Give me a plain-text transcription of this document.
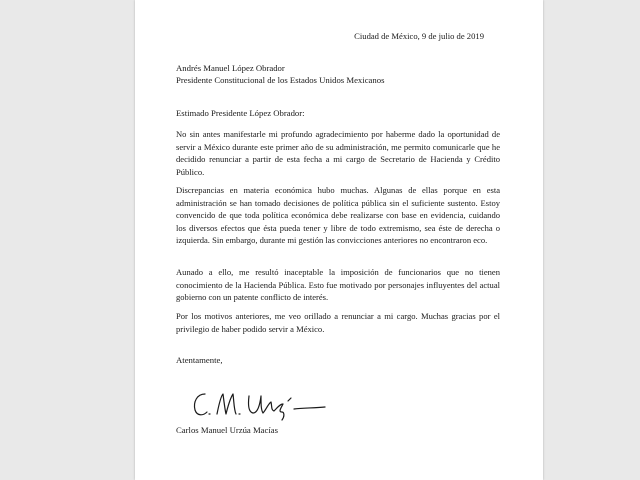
Ciudad de México, 9 de julio de 2019
Andrés Manuel López Obrador
Presidente Constitucional de los Estados Unidos Mexicanos
Estimado Presidente López Obrador:
No sin antes manifestarle mi profundo agradecimiento por haberme dado la oportunidad de servir a México durante este primer año de su administración, me permito comunicarle que he decidido renunciar a partir de esta fecha a mi cargo de Secretario de Hacienda y Crédito Público.
Discrepancias en materia económica hubo muchas. Algunas de ellas porque en esta administración se han tomado decisiones de política pública sin el suficiente sustento. Estoy convencido de que toda política económica debe realizarse con base en evidencia, cuidando los diversos efectos que ésta pueda tener y libre de todo extremismo, sea éste de derecha o izquierda. Sin embargo, durante mi gestión las convicciones anteriores no encontraron eco.
Aunado a ello, me resultó inaceptable la imposición de funcionarios que no tienen conocimiento de la Hacienda Pública. Esto fue motivado por personajes influyentes del actual gobierno con un patente conflicto de interés.
Por los motivos anteriores, me veo orillado a renunciar a mi cargo. Muchas gracias por el privilegio de haber podido servir a México.
Atentamente,
Carlos Manuel Urzúa Macías
